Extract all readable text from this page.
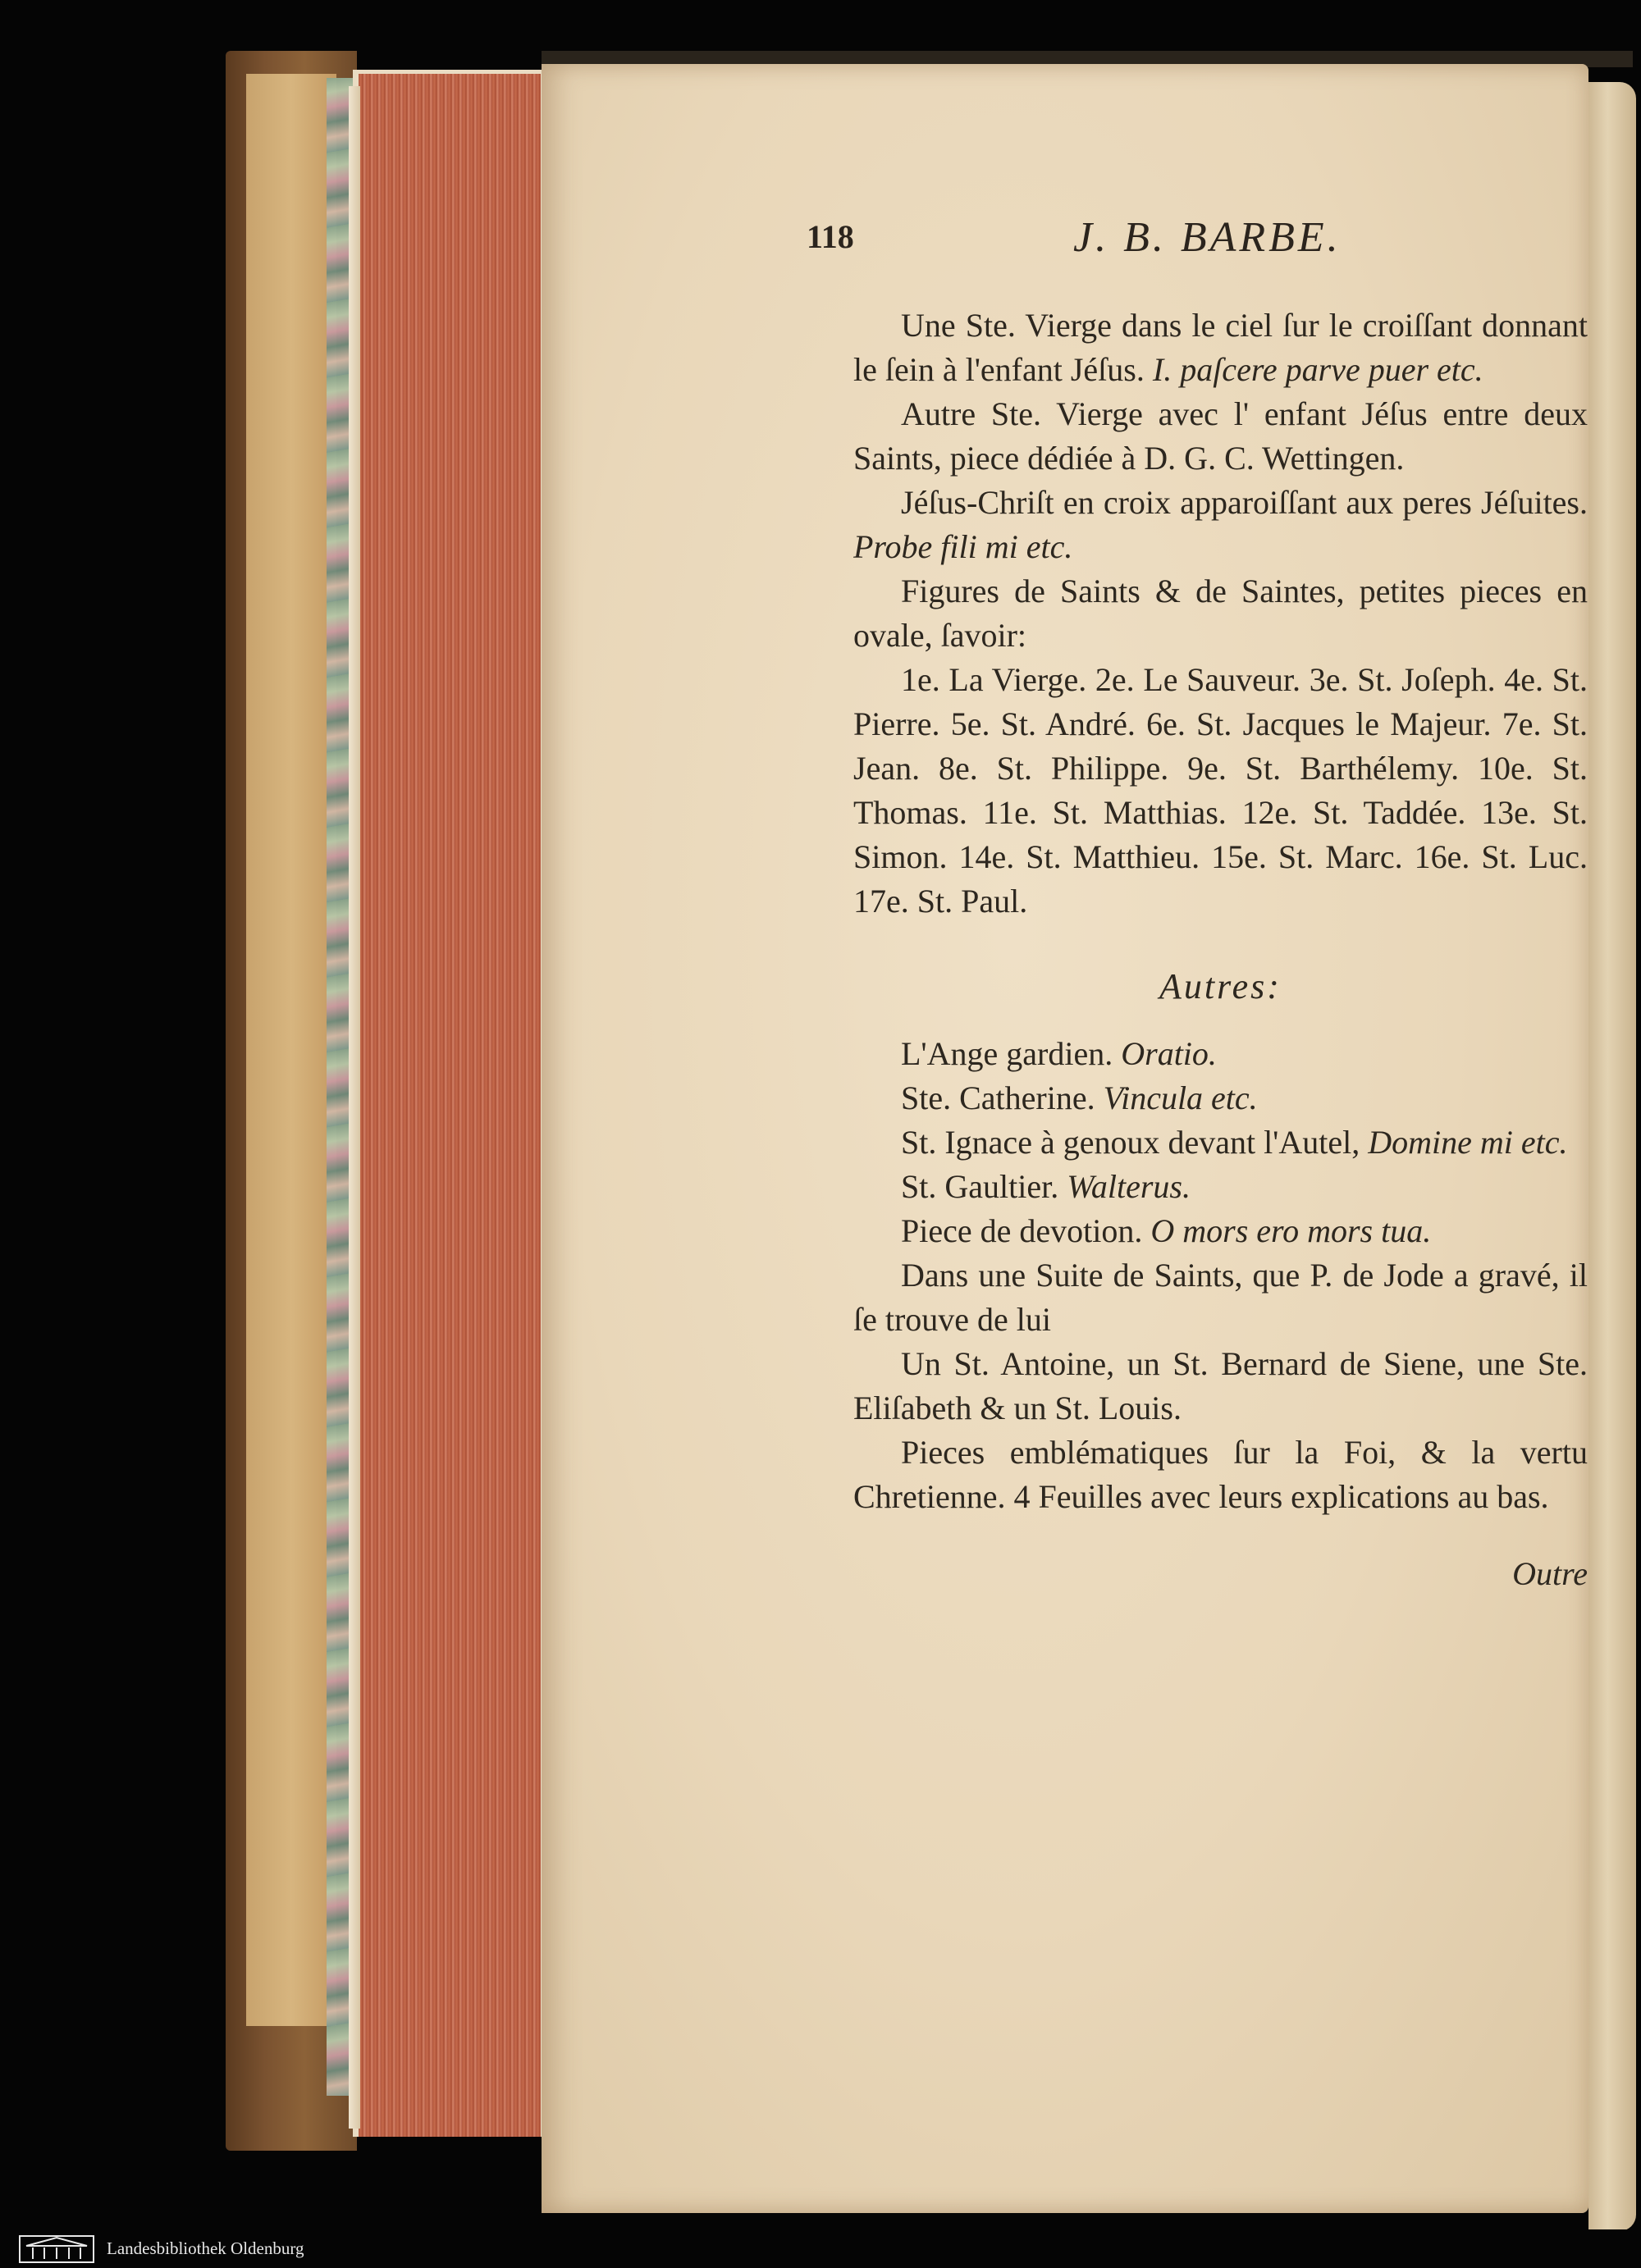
118	J. B. BARBE.

Une Ste. Vierge dans le ciel ſur le croiſſant donnant le ſein à l'enfant Jéſus. I. paſcere parve puer etc.

Autre Ste. Vierge avec l' enfant Jéſus entre deux Saints, piece dédiée à D. G. C. Wettingen.

Jéſus-Chriſt en croix apparoiſſant aux peres Jéſuites. Probe fili mi etc.

Figures de Saints & de Saintes, petites pieces en ovale, ſavoir:

1e. La Vierge. 2e. Le Sauveur. 3e. St. Joſeph. 4e. St. Pierre. 5e. St. André. 6e. St. Jacques le Majeur. 7e. St. Jean. 8e. St. Philippe. 9e. St. Barthélemy. 10e. St. Thomas. 11e. St. Matthias. 12e. St. Taddée. 13e. St. Simon. 14e. St. Matthieu. 15e. St. Marc. 16e. St. Luc. 17e. St. Paul.

Autres:

L'Ange gardien. Oratio.

Ste. Catherine. Vincula etc.

St. Ignace à genoux devant l'Autel, Domine mi etc.

St. Gaultier. Walterus.

Piece de devotion. O mors ero mors tua.

Dans une Suite de Saints, que P. de Jode a gravé, il ſe trouve de lui

Un St. Antoine, un St. Bernard de Siene, une Ste. Eliſabeth & un St. Louis.

Pieces emblématiques ſur la Foi, & la vertu Chretienne. 4 Feuilles avec leurs explications au bas.

Outre

Landesbibliothek Oldenburg
